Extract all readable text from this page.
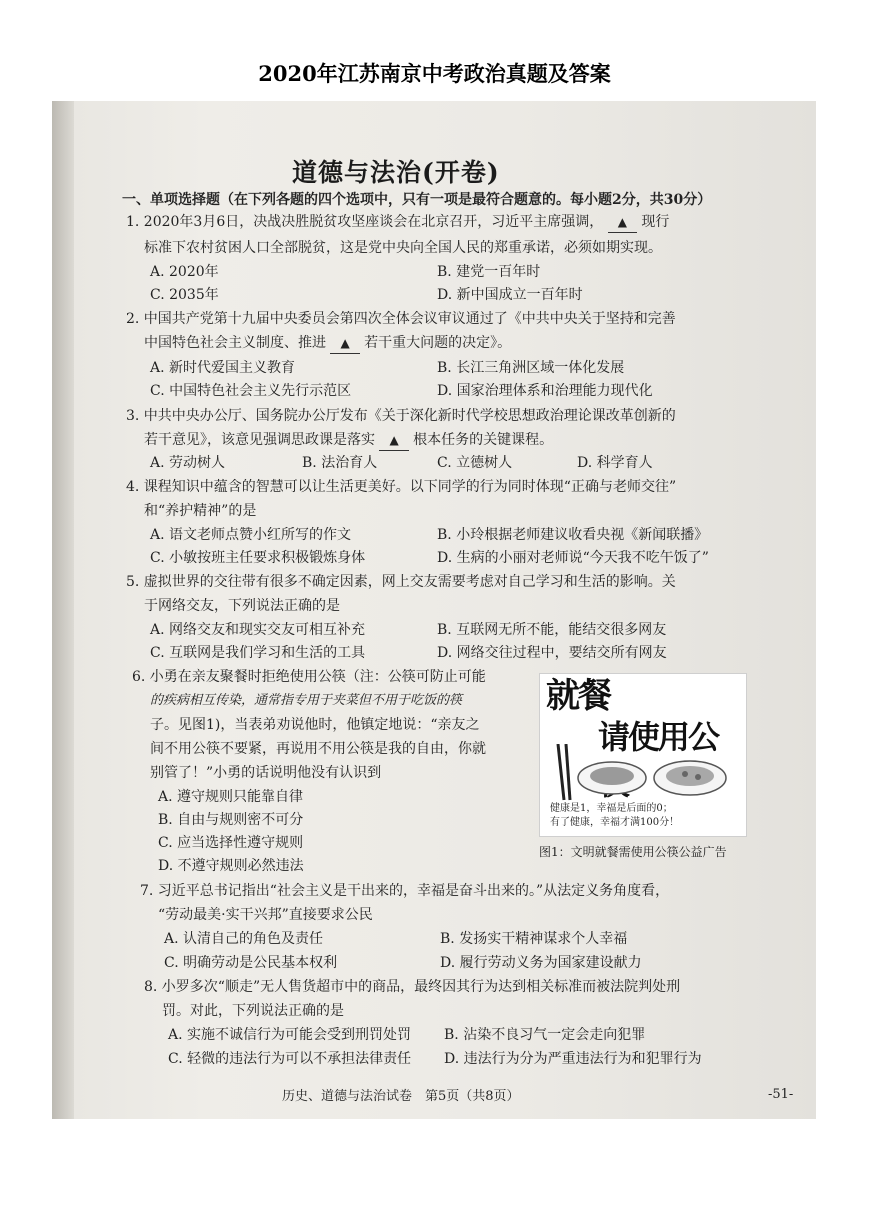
2020年江苏南京中考政治真题及答案
道德与法治(开卷)
一、单项选择题（在下列各题的四个选项中，只有一项是最符合题意的。每小题2分，共30分）
1. 2020年3月6日，决战决胜脱贫攻坚座谈会在北京召开，习近平主席强调， ▲ 现行
标准下农村贫困人口全部脱贫，这是党中央向全国人民的郑重承诺，必须如期实现。
A. 2020年	B. 建党一百年时
C. 2035年	D. 新中国成立一百年时
2. 中国共产党第十九届中央委员会第四次全体会议审议通过了《中共中央关于坚持和完善
中国特色社会主义制度、推进 ▲ 若干重大问题的决定》。
A. 新时代爱国主义教育	B. 长江三角洲区域一体化发展
C. 中国特色社会主义先行示范区	D. 国家治理体系和治理能力现代化
3. 中共中央办公厅、国务院办公厅发布《关于深化新时代学校思想政治理论课改革创新的
若干意见》，该意见强调思政课是落实 ▲ 根本任务的关键课程。
A. 劳动树人	B. 法治育人	C. 立德树人	D. 科学育人
4. 课程知识中蕴含的智慧可以让生活更美好。以下同学的行为同时体现“正确与老师交往”
和“养护精神”的是
A. 语文老师点赞小红所写的作文	B. 小玲根据老师建议收看央视《新闻联播》
C. 小敏按班主任要求积极锻炼身体	D. 生病的小丽对老师说“今天我不吃午饭了”
5. 虚拟世界的交往带有很多不确定因素，网上交友需要考虑对自己学习和生活的影响。关
于网络交友，下列说法正确的是
A. 网络交友和现实交友可相互补充	B. 互联网无所不能，能结交很多网友
C. 互联网是我们学习和生活的工具	D. 网络交往过程中，要结交所有网友
6. 小勇在亲友聚餐时拒绝使用公筷（注：公筷可防止可能
的疾病相互传染，通常指专用于夹菜但不用于吃饭的筷
子。见图1)，当表弟劝说他时，他镇定地说：“亲友之
间不用公筷不要紧，再说用不用公筷是我的自由，你就
别管了！”小勇的话说明他没有认识到
A. 遵守规则只能靠自律
B. 自由与规则密不可分
C. 应当选择性遵守规则
D. 不遵守规则必然违法
就餐
请使用公
健康是1，幸福是后面的0；
有了健康，幸福才满100分！
图1：文明就餐需使用公筷公益广告
7. 习近平总书记指出“社会主义是干出来的，幸福是奋斗出来的。”从法定义务角度看，
“劳动最美·实干兴邦”直接要求公民
A. 认清自己的角色及责任	B. 发扬实干精神谋求个人幸福
C. 明确劳动是公民基本权利	D. 履行劳动义务为国家建设献力
8. 小罗多次“顺走”无人售货超市中的商品，最终因其行为达到相关标准而被法院判处刑
罚。对此，下列说法正确的是
A. 实施不诚信行为可能会受到刑罚处罚 B. 沾染不良习气一定会走向犯罪
C. 轻微的违法行为可以不承担法律责任 D. 违法行为分为严重违法行为和犯罪行为
历史、道德与法治试卷　第5页（共8页）	-51-
